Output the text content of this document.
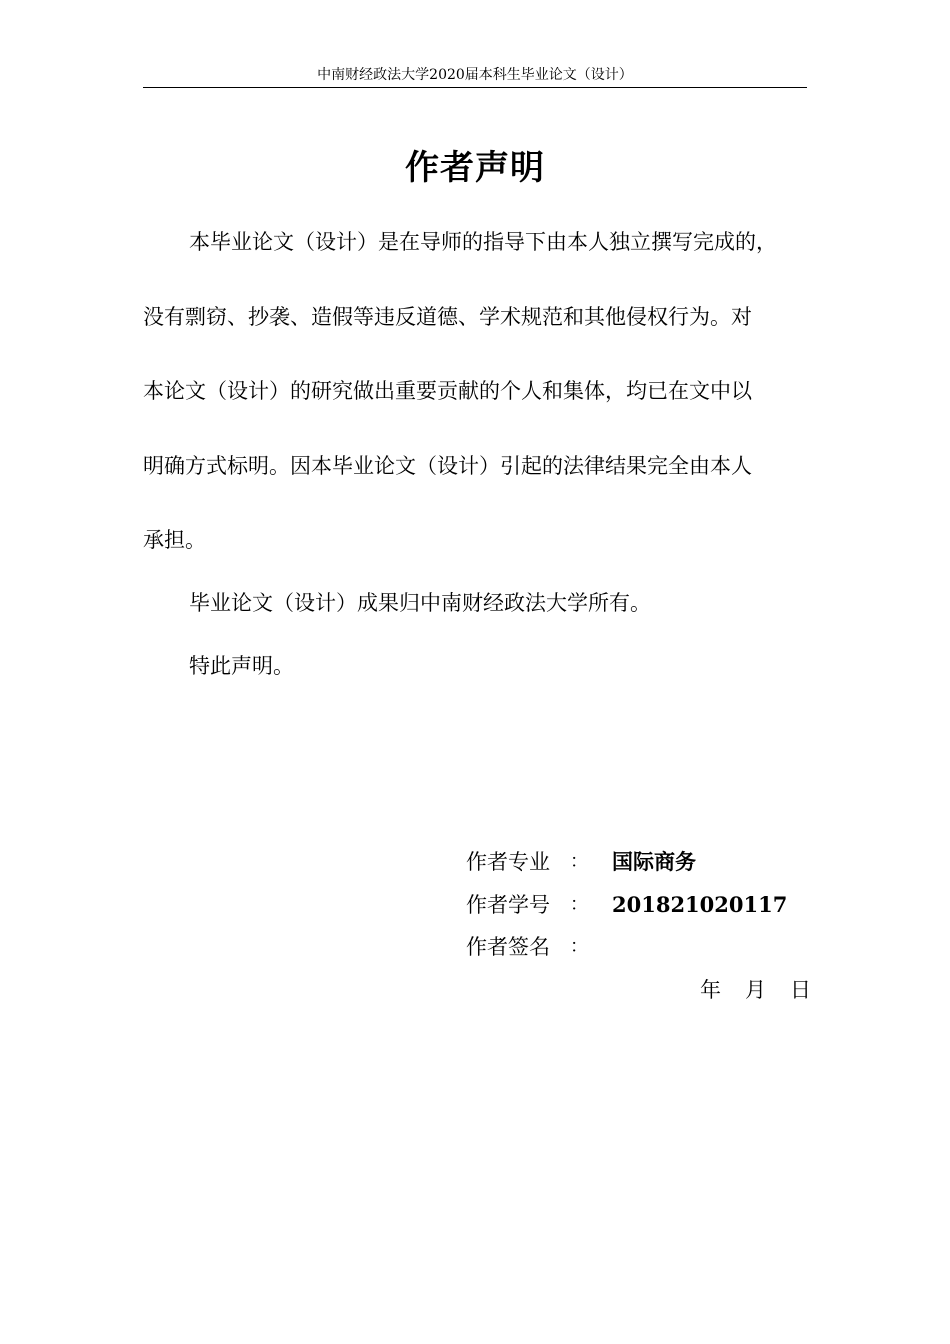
中南财经政法大学2020届本科生毕业论文（设计）
作者声明
本毕业论文（设计）是在导师的指导下由本人独立撰写完成的，
没有剽窃、抄袭、造假等违反道德、学术规范和其他侵权行为。对
本论文（设计）的研究做出重要贡献的个人和集体，均已在文中以
明确方式标明。因本毕业论文（设计）引起的法律结果完全由本人
承担。
毕业论文（设计）成果归中南财经政法大学所有。
特此声明。
作者专业 ： 国际商务
作者学号 ： 201821020117
作者签名 ：
年 月 日
